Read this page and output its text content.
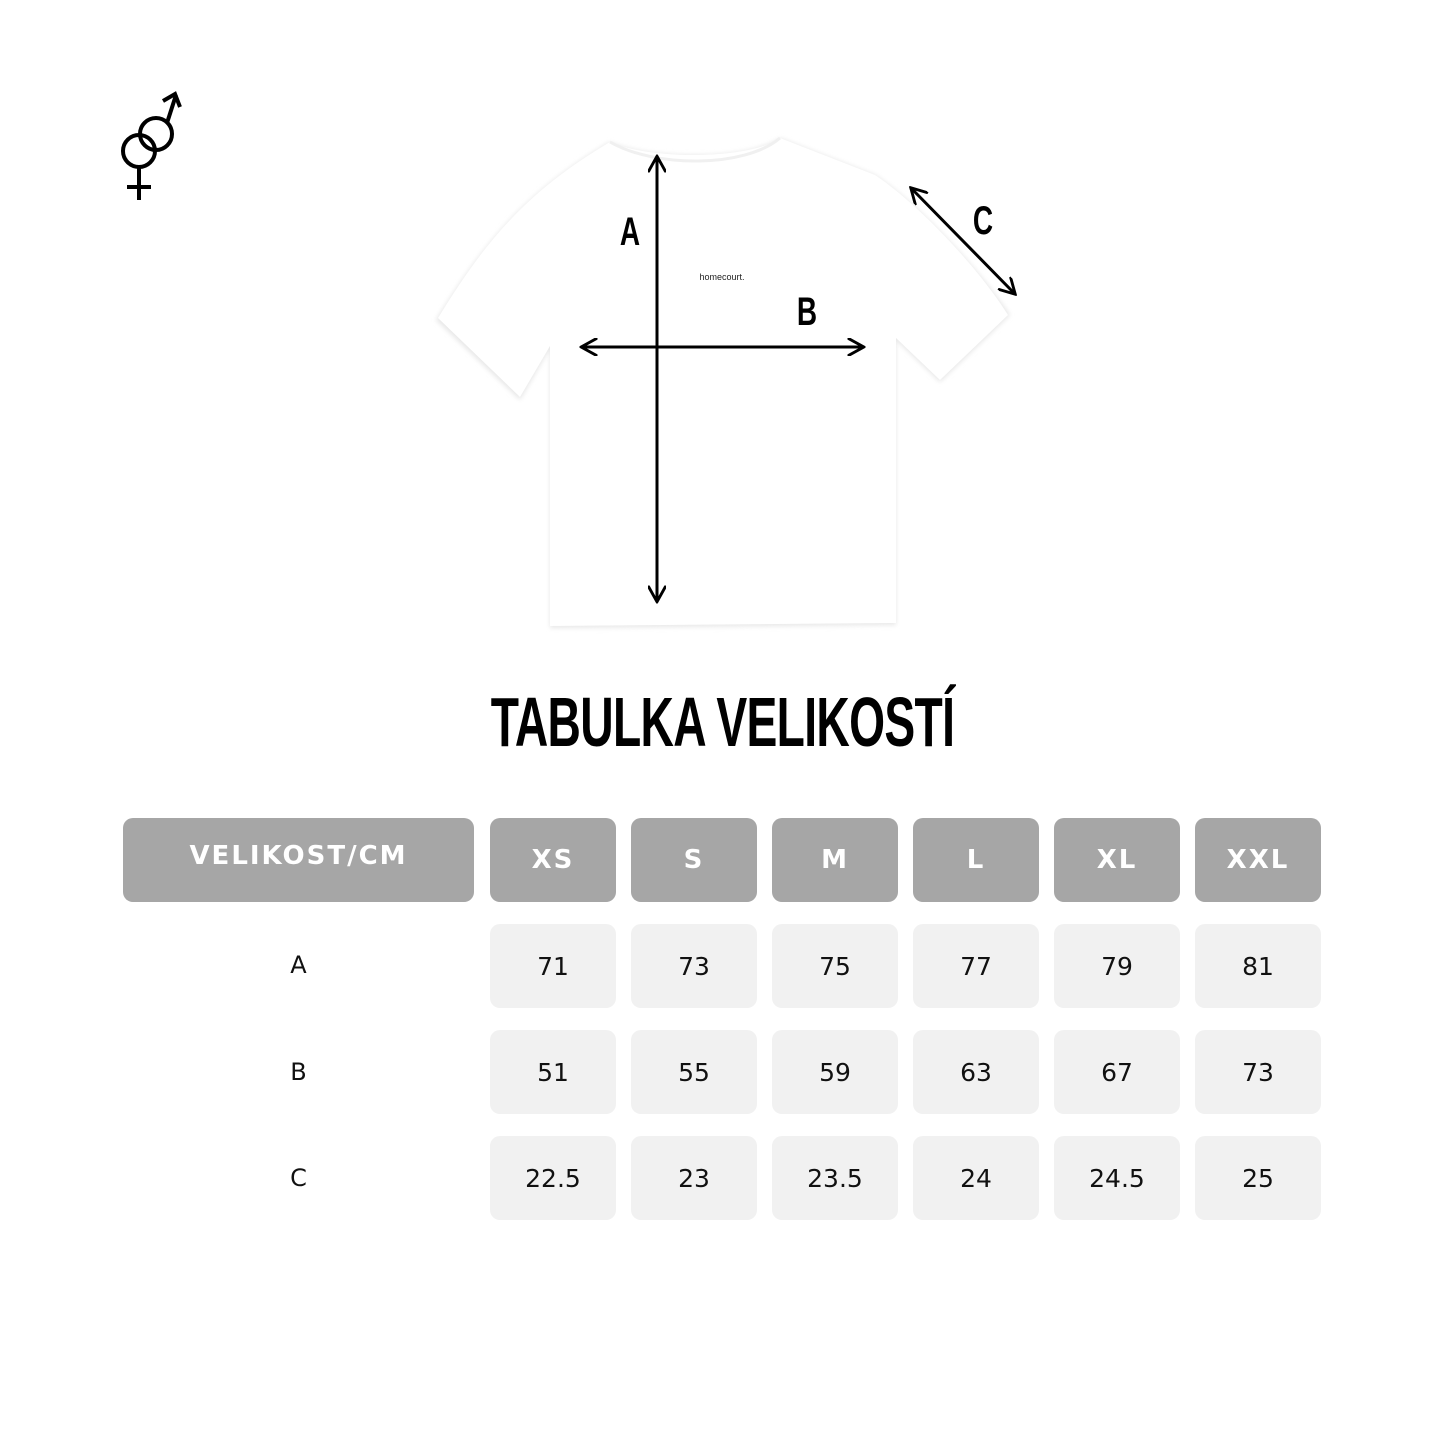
homecourt.
A
B
C
TABULKA VELIKOSTÍ
VELIKOST/CM	XS	S	M	L	XL	XXL
A	71	73	75	77	79	81
B	51	55	59	63	67	73
C	22.5	23	23.5	24	24.5	25
